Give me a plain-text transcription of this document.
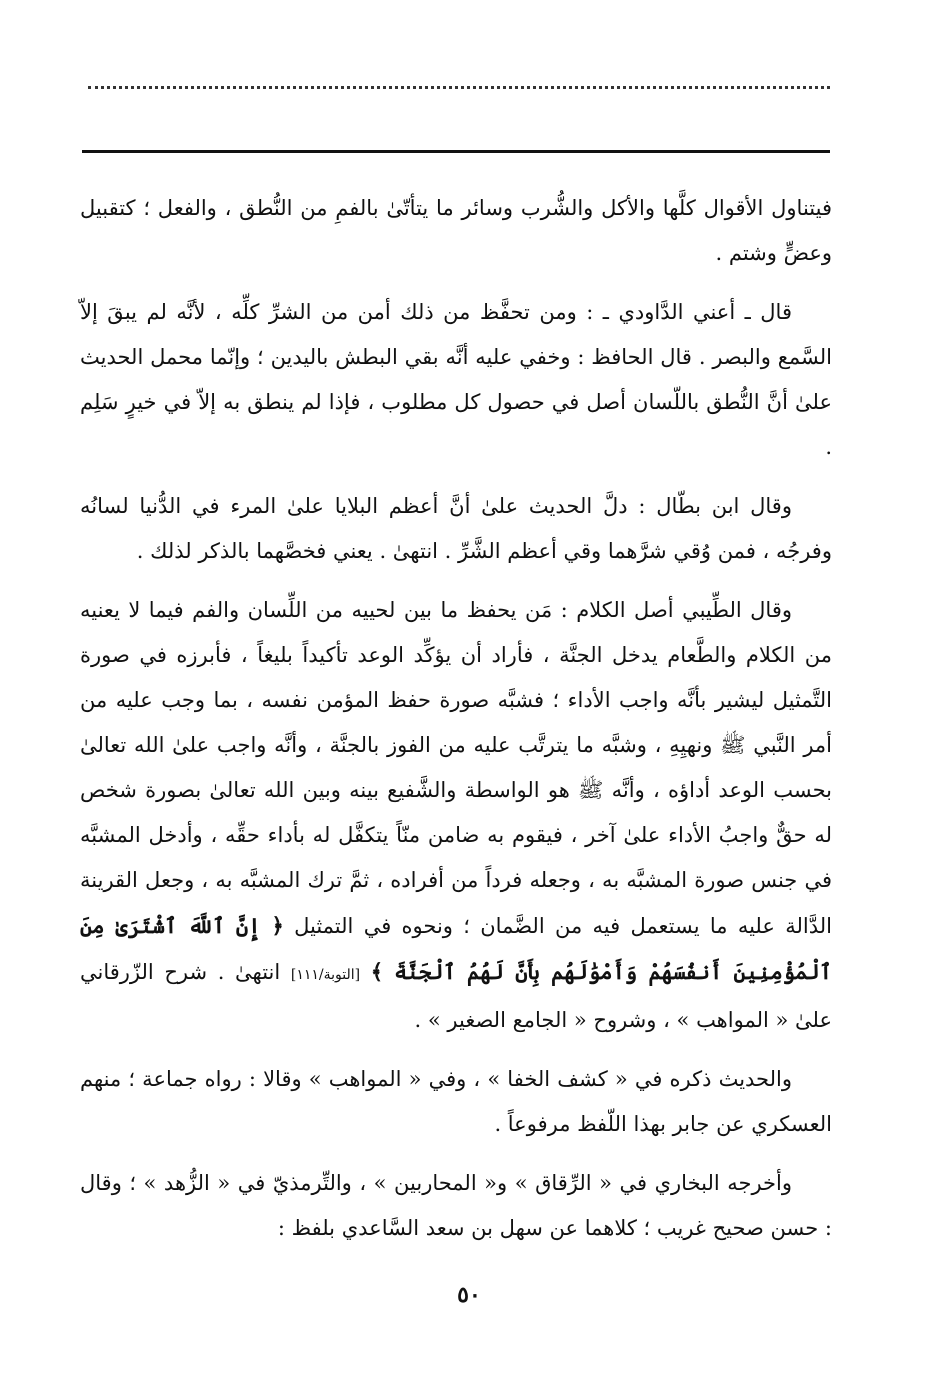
فيتناول الأقوال كلَّها والأكل والشُّرب وسائر ما يتأتّىٰ بالفمِ من النُّطق ، والفعل ؛ كتقبيل وعضٍّ وشتم .

قال ـ أعني الدَّاودي ـ : ومن تحفَّظ من ذلك أمن من الشرِّ كلِّه ، لأنَّه لم يبقَ إلاّ السَّمع والبصر . قال الحافظ : وخفي عليه أنَّه بقي البطش باليدين ؛ وإنّما محمل الحديث علىٰ أنَّ النُّطق باللّسان أصل في حصول كل مطلوب ، فإذا لم ينطق به إلاّ في خيرٍ سَلِم .

وقال ابن بطّال : دلَّ الحديث علىٰ أنَّ أعظم البلايا علىٰ المرء في الدُّنيا لسانُه وفرجُه ، فمن وُقي شرَّهما وقي أعظم الشَّرِّ . انتهىٰ . يعني فخصَّهما بالذكر لذلك .

وقال الطِّيبي أصل الكلام : مَن يحفظ ما بين لحييه من اللِّسان والفم فيما لا يعنيه من الكلام والطَّعام يدخل الجنَّة ، فأراد أن يؤكِّد الوعد تأكيداً بليغاً ، فأبرزه في صورة التَّمثيل ليشير بأنَّه واجب الأداء ؛ فشبَّه صورة حفظ المؤمن نفسه ، بما وجب عليه من أمر النَّبي ﷺ ونهيِهِ ، وشبَّه ما يترتَّب عليه من الفوز بالجنَّة ، وأنَّه واجب علىٰ الله تعالىٰ بحسب الوعد أداؤه ، وأنَّه ﷺ هو الواسطة والشَّفيع بينه وبين الله تعالىٰ بصورة شخص له حقٌّ واجبُ الأداء علىٰ آخر ، فيقوم به ضامن منّاً يتكفَّل له بأداء حقِّه ، وأدخل المشبَّه في جنس صورة المشبَّه به ، وجعله فرداً من أفراده ، ثمَّ ترك المشبَّه به ، وجعل القرينة الدَّالة عليه ما يستعمل فيه من الضَّمان ؛ ونحوه في التمثيل ﴿ إِنَّ ٱللَّهَ ٱشْتَرَىٰ مِنَ ٱلْمُؤْمِنِينَ أَنفُسَهُمْ وَأَمْوَٰلَهُم بِأَنَّ لَهُمُ ٱلْجَنَّةَ ﴾ [التوبة/١١١] انتهىٰ . شرح الزّرقاني علىٰ « المواهب » ، وشروح « الجامع الصغير » .

والحديث ذكره في « كشف الخفا » ، وفي « المواهب » وقالا : رواه جماعة ؛ منهم العسكري عن جابر بهذا اللّفظ مرفوعاً .

وأخرجه البخاري في « الرِّقاق » و« المحاربين » ، والتِّرمذيّ في « الزُّهد » ؛ وقال : حسن صحيح غريب ؛ كلاهما عن سهل بن سعد السَّاعدي بلفظ :

٥٠
